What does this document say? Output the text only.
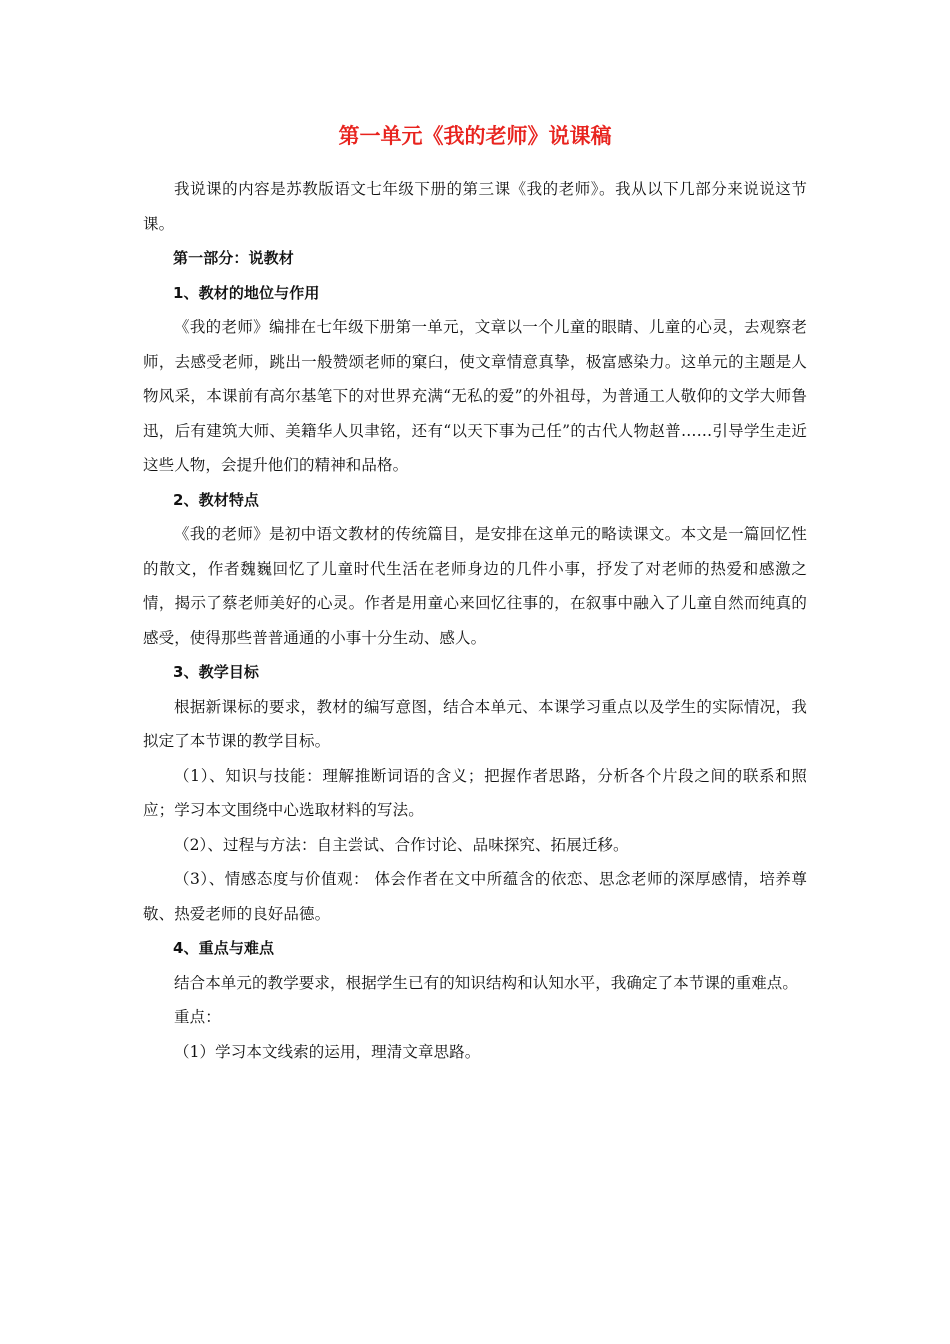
第一单元《我的老师》说课稿

我说课的内容是苏教版语文七年级下册的第三课《我的老师》。我从以下几部分来说说这节课。

第一部分：说教材

1、教材的地位与作用

《我的老师》编排在七年级下册第一单元，文章以一个儿童的眼睛、儿童的心灵，去观察老师，去感受老师，跳出一般赞颂老师的窠臼，使文章情意真挚，极富感染力。这单元的主题是人物风采，本课前有高尔基笔下的对世界充满“无私的爱”的外祖母，为普通工人敬仰的文学大师鲁迅，后有建筑大师、美籍华人贝聿铭，还有“以天下事为己任”的古代人物赵普……引导学生走近这些人物，会提升他们的精神和品格。

2、教材特点

《我的老师》是初中语文教材的传统篇目，是安排在这单元的略读课文。本文是一篇回忆性的散文，作者魏巍回忆了儿童时代生活在老师身边的几件小事，抒发了对老师的热爱和感激之情，揭示了蔡老师美好的心灵。作者是用童心来回忆往事的，在叙事中融入了儿童自然而纯真的感受，使得那些普普通通的小事十分生动、感人。

3、教学目标

根据新课标的要求，教材的编写意图，结合本单元、本课学习重点以及学生的实际情况，我拟定了本节课的教学目标。

（1）、知识与技能：理解推断词语的含义；把握作者思路，分析各个片段之间的联系和照应；学习本文围绕中心选取材料的写法。

（2）、过程与方法：自主尝试、合作讨论、品味探究、拓展迁移。

（3）、情感态度与价值观： 体会作者在文中所蕴含的依恋、思念老师的深厚感情，培养尊敬、热爱老师的良好品德。

4、重点与难点

结合本单元的教学要求，根据学生已有的知识结构和认知水平，我确定了本节课的重难点。

重点：

（1）学习本文线索的运用，理清文章思路。
